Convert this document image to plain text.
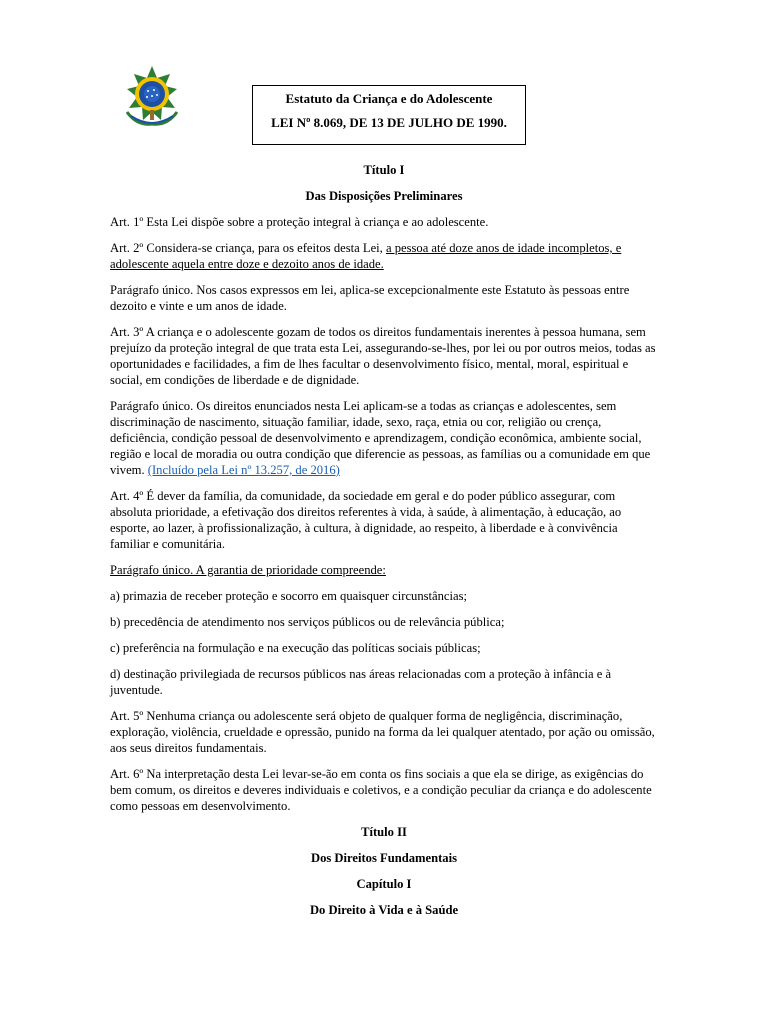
Estatuto da Criança e do Adolescente
LEI Nº 8.069, DE 13 DE JULHO DE 1990.

Título I

Das Disposições Preliminares

Art. 1º Esta Lei dispõe sobre a proteção integral à criança e ao adolescente.

Art. 2º Considera-se criança, para os efeitos desta Lei, a pessoa até doze anos de idade incompletos, e adolescente aquela entre doze e dezoito anos de idade.

Parágrafo único. Nos casos expressos em lei, aplica-se excepcionalmente este Estatuto às pessoas entre dezoito e vinte e um anos de idade.

Art. 3º A criança e o adolescente gozam de todos os direitos fundamentais inerentes à pessoa humana, sem prejuízo da proteção integral de que trata esta Lei, assegurando-se-lhes, por lei ou por outros meios, todas as oportunidades e facilidades, a fim de lhes facultar o desenvolvimento físico, mental, moral, espiritual e social, em condições de liberdade e de dignidade.

Parágrafo único. Os direitos enunciados nesta Lei aplicam-se a todas as crianças e adolescentes, sem discriminação de nascimento, situação familiar, idade, sexo, raça, etnia ou cor, religião ou crença, deficiência, condição pessoal de desenvolvimento e aprendizagem, condição econômica, ambiente social, região e local de moradia ou outra condição que diferencie as pessoas, as famílias ou a comunidade em que vivem. (Incluído pela Lei nº 13.257, de 2016)

Art. 4º É dever da família, da comunidade, da sociedade em geral e do poder público assegurar, com absoluta prioridade, a efetivação dos direitos referentes à vida, à saúde, à alimentação, à educação, ao esporte, ao lazer, à profissionalização, à cultura, à dignidade, ao respeito, à liberdade e à convivência familiar e comunitária.

Parágrafo único. A garantia de prioridade compreende:

a) primazia de receber proteção e socorro em quaisquer circunstâncias;

b) precedência de atendimento nos serviços públicos ou de relevância pública;

c) preferência na formulação e na execução das políticas sociais públicas;

d) destinação privilegiada de recursos públicos nas áreas relacionadas com a proteção à infância e à juventude.

Art. 5º Nenhuma criança ou adolescente será objeto de qualquer forma de negligência, discriminação, exploração, violência, crueldade e opressão, punido na forma da lei qualquer atentado, por ação ou omissão, aos seus direitos fundamentais.

Art. 6º Na interpretação desta Lei levar-se-ão em conta os fins sociais a que ela se dirige, as exigências do bem comum, os direitos e deveres individuais e coletivos, e a condição peculiar da criança e do adolescente como pessoas em desenvolvimento.

Título II

Dos Direitos Fundamentais

Capítulo I

Do Direito à Vida e à Saúde
